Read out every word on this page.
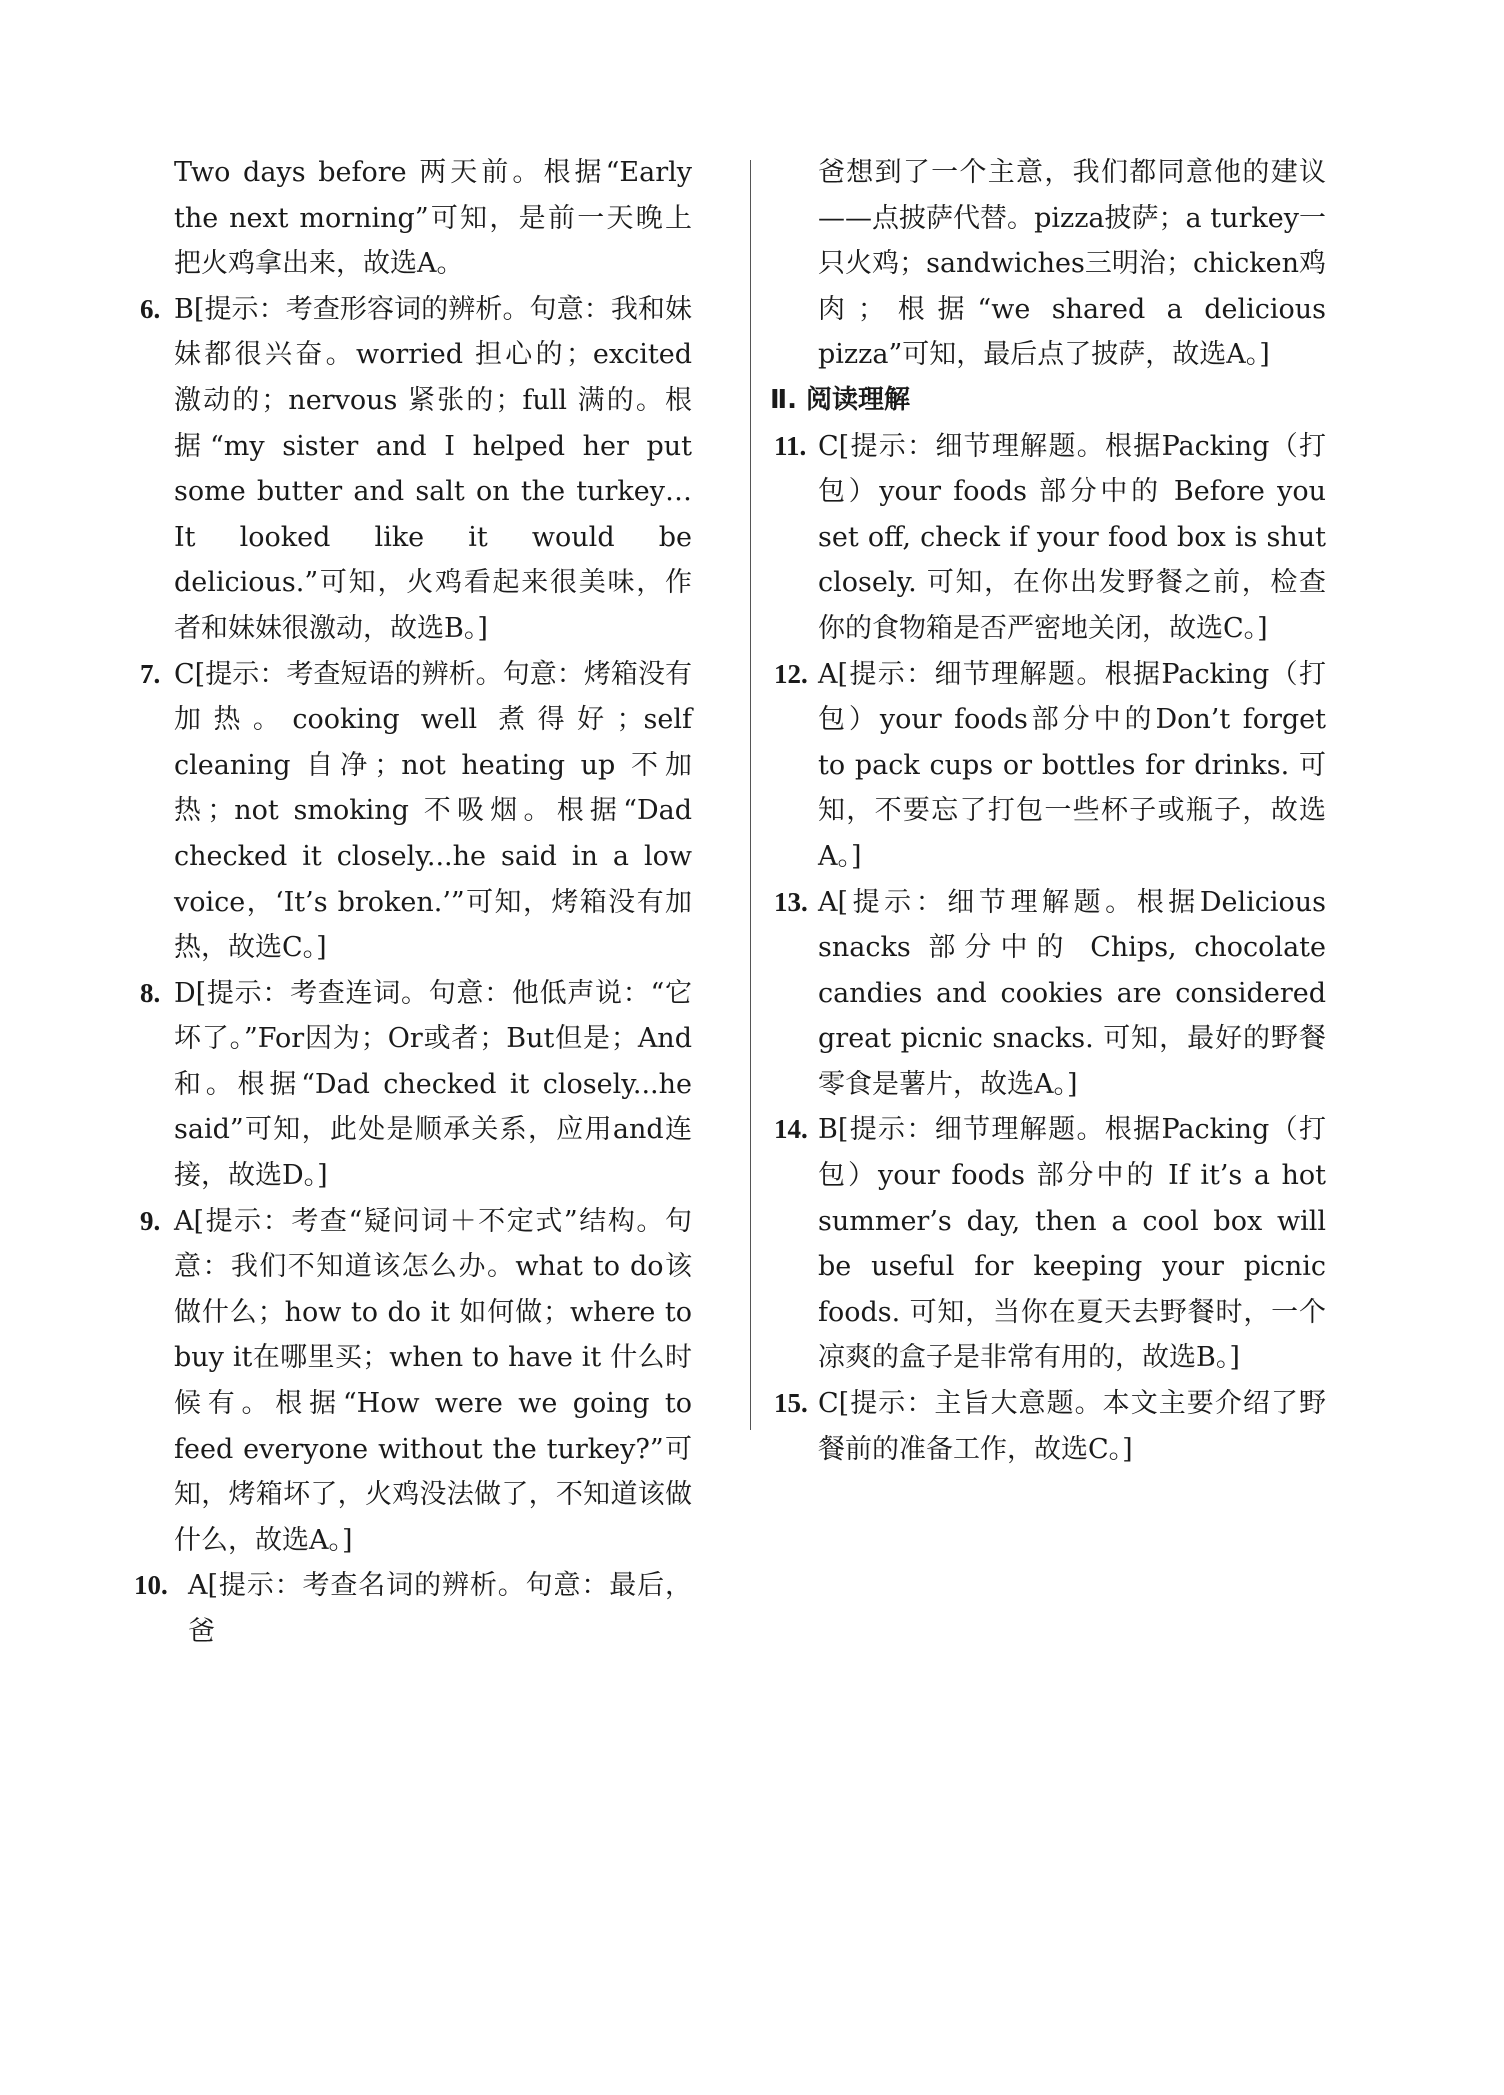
Two days before 两天前。根据“Early the next morning”可知，是前一天晚上把火鸡拿出来，故选A。
6. B[提示：考查形容词的辨析。句意：我和妹妹都很兴奋。worried 担心的；excited 激动的；nervous 紧张的；full 满的。根据“my sister and I helped her put some butter and salt on the turkey…It looked like it would be delicious.”可知，火鸡看起来很美味，作者和妹妹很激动，故选B。]
7. C[提示：考查短语的辨析。句意：烤箱没有加热。cooking well 煮得好；self cleaning 自净；not heating up 不加热；not smoking 不吸烟。根据“Dad checked it closely...he said in a low voice，‘It’s broken.’”可知，烤箱没有加热，故选C。]
8. D[提示：考查连词。句意：他低声说：“它坏了。”For因为；Or或者；But但是；And和。根据“Dad checked it closely...he said”可知，此处是顺承关系，应用and连接，故选D。]
9. A[提示：考查“疑问词＋不定式”结构。句意：我们不知道该怎么办。what to do该做什么；how to do it 如何做；where to buy it在哪里买；when to have it 什么时候有。根据“How were we going to feed everyone without the turkey?”可知，烤箱坏了，火鸡没法做了，不知道该做什么，故选A。]
10. A[提示：考查名词的辨析。句意：最后，爸
爸想到了一个主意，我们都同意他的建议——点披萨代替。pizza披萨；a turkey一只火鸡；sandwiches三明治；chicken鸡肉；根据“we shared a delicious pizza”可知，最后点了披萨，故选A。]
Ⅱ. 阅读理解
11. C[提示：细节理解题。根据Packing（打包）your foods 部分中的 Before you set off, check if your food box is shut closely. 可知，在你出发野餐之前，检查你的食物箱是否严密地关闭，故选C。]
12. A[提示：细节理解题。根据Packing（打包）your foods部分中的Don’t forget to pack cups or bottles for drinks. 可知，不要忘了打包一些杯子或瓶子，故选A。]
13. A[提示：细节理解题。根据Delicious snacks 部分中的 Chips, chocolate candies and cookies are considered great picnic snacks. 可知，最好的野餐零食是薯片，故选A。]
14. B[提示：细节理解题。根据Packing（打包）your foods 部分中的 If it’s a hot summer’s day, then a cool box will be useful for keeping your picnic foods. 可知，当你在夏天去野餐时，一个凉爽的盒子是非常有用的，故选B。]
15. C[提示：主旨大意题。本文主要介绍了野餐前的准备工作，故选C。]
